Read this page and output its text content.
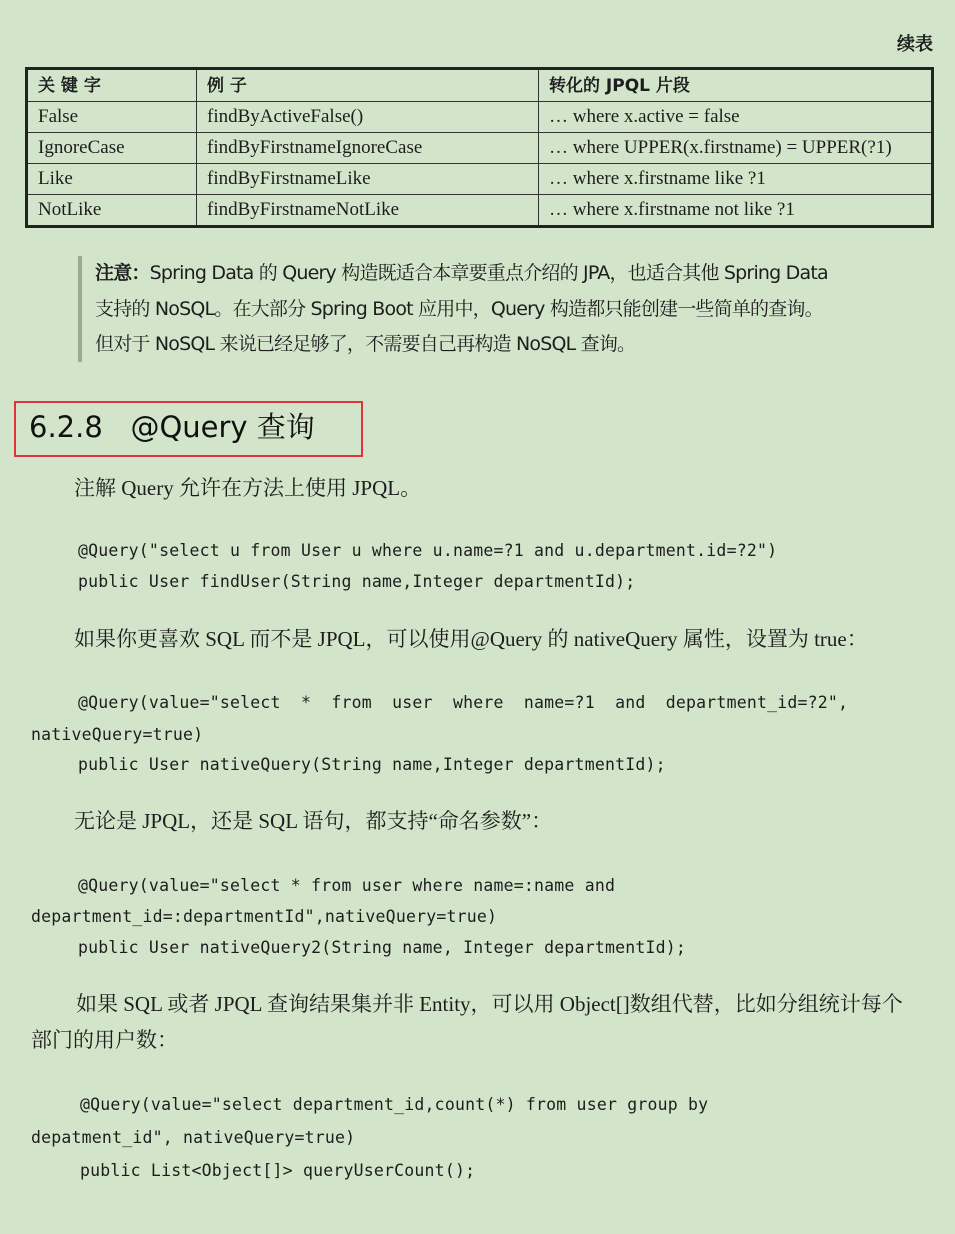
续表
关 键 字	例 子	转化的 JPQL 片段
False	findByActiveFalse()	… where x.active = false
IgnoreCase	findByFirstnameIgnoreCase	… where UPPER(x.firstname) = UPPER(?1)
Like	findByFirstnameLike	… where x.firstname like ?1
NotLike	findByFirstnameNotLike	… where x.firstname not like ?1
注意：Spring Data 的 Query 构造既适合本章要重点介绍的 JPA，也适合其他 Spring Data
支持的 NoSQL。在大部分 Spring Boot 应用中，Query 构造都只能创建一些简单的查询。
但对于 NoSQL 来说已经足够了，不需要自己再构造 NoSQL 查询。
6.2.8 @Query 查询
注解 Query 允许在方法上使用 JPQL。
@Query("select u from User u where u.name=?1 and u.department.id=?2")
public User findUser(String name,Integer departmentId);
如果你更喜欢 SQL 而不是 JPQL，可以使用@Query 的 nativeQuery 属性，设置为 true：
@Query(value="select  *  from  user  where  name=?1  and  department_id=?2",
nativeQuery=true)
public User nativeQuery(String name,Integer departmentId);
无论是 JPQL，还是 SQL 语句，都支持“命名参数”：
@Query(value="select * from user where name=:name and
department_id=:departmentId",nativeQuery=true)
public User nativeQuery2(String name, Integer departmentId);
如果 SQL 或者 JPQL 查询结果集并非 Entity，可以用 Object[]数组代替，比如分组统计每个
部门的用户数：
@Query(value="select department_id,count(*) from user group by
depatment_id", nativeQuery=true)
public List<Object[]> queryUserCount();
